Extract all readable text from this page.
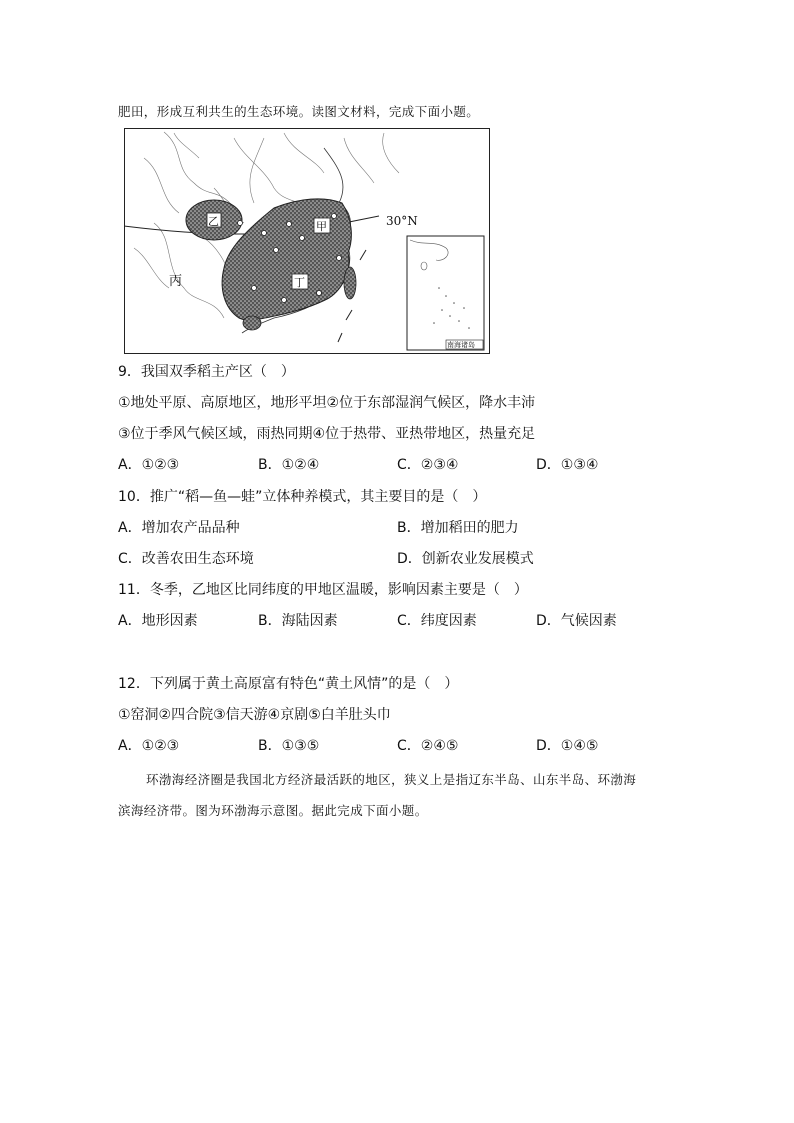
肥田，形成互利共生的生态环境。读图文材料，完成下面小题。
30°N
乙	甲
丁
丙
南海诸岛
9．我国双季稻主产区（　）
①地处平原、高原地区，地形平坦②位于东部湿润气候区，降水丰沛
③位于季风气候区域，雨热同期④位于热带、亚热带地区，热量充足
A．①②③	B．①②④	C．②③④	D．①③④
10．推广“稻—鱼—蛙”立体种养模式，其主要目的是（　）
A．增加农产品品种	B．增加稻田的肥力
C．改善农田生态环境	D．创新农业发展模式
11．冬季，乙地区比同纬度的甲地区温暖，影响因素主要是（　）
A．地形因素	B．海陆因素	C．纬度因素	D．气候因素
12．下列属于黄土高原富有特色“黄土风情”的是（　）
①窑洞②四合院③信天游④京剧⑤白羊肚头巾
A．①②③	B．①③⑤	C．②④⑤	D．①④⑤
环渤海经济圈是我国北方经济最活跃的地区，狭义上是指辽东半岛、山东半岛、环渤海
滨海经济带。图为环渤海示意图。据此完成下面小题。
